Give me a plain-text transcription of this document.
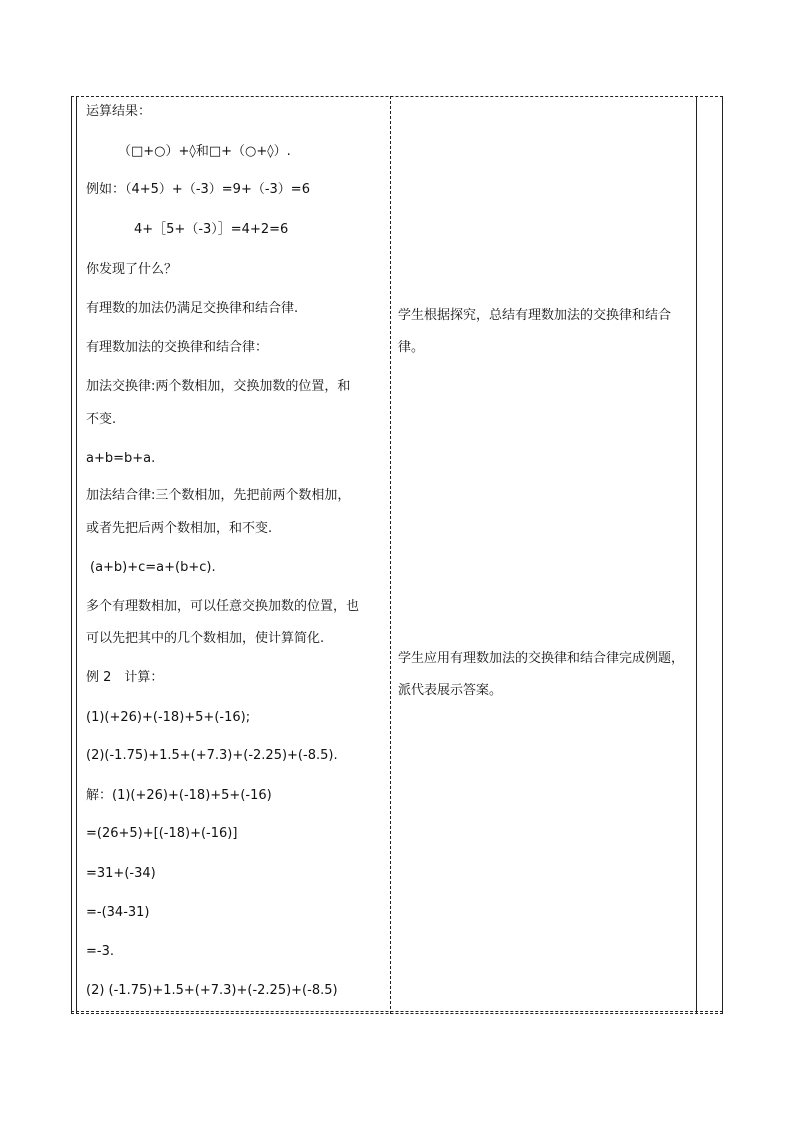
运算结果：
（□+○）+◊和□+（○+◊）.
例如：（4+5）+（-3）=9+（-3）=6
4+［5+（-3）］=4+2=6
你发现了什么？
有理数的加法仍满足交换律和结合律.
有理数加法的交换律和结合律：
加法交换律:两个数相加，交换加数的位置，和
不变.
a+b=b+a.
加法结合律:三个数相加，先把前两个数相加，
或者先把后两个数相加，和不变.
(a+b)+c=a+(b+c).
多个有理数相加，可以任意交换加数的位置，也
可以先把其中的几个数相加，使计算简化.
例 2　计算：
(1)(+26)+(-18)+5+(-16);
(2)(-1.75)+1.5+(+7.3)+(-2.25)+(-8.5).
解：(1)(+26)+(-18)+5+(-16)
=(26+5)+[(-18)+(-16)]
=31+(-34)
=-(34-31)
=-3.
(2) (-1.75)+1.5+(+7.3)+(-2.25)+(-8.5)
学生根据探究，总结有理数加法的交换律和结合律。
学生应用有理数加法的交换律和结合律完成例题，派代表展示答案。
